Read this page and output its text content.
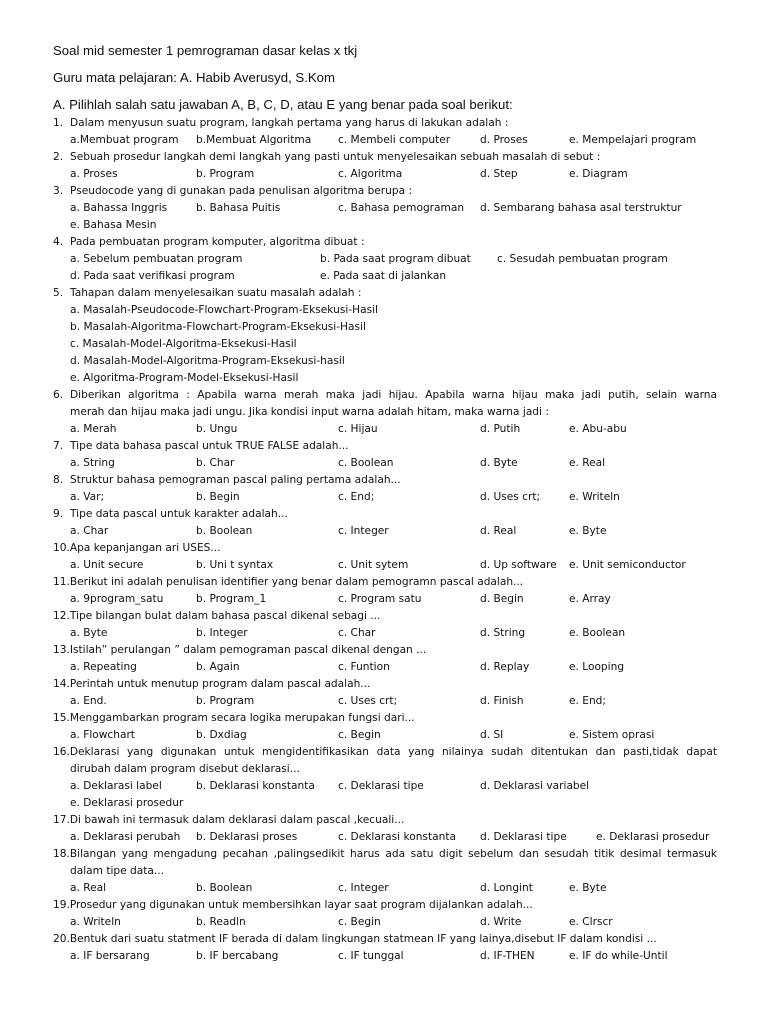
Soal mid semester 1 pemrograman dasar kelas x tkj
Guru mata pelajaran: A. Habib Averusyd, S.Kom
A. Pilihlah salah satu jawaban A, B, C, D, atau E yang benar pada soal berikut:
1. Dalam menyusun suatu program, langkah pertama yang harus di lakukan adalah :
a.Membuat program b.Membuat Algoritma	c. Membeli computer	d. Proses	e. Mempelajari program
2. Sebuah prosedur langkah demi langkah yang pasti untuk menyelesaikan sebuah masalah di sebut :
a. Proses	b. Program	c. Algoritma	d. Step	e. Diagram
3. Pseudocode yang di gunakan pada penulisan algoritma berupa :
a. Bahassa Inggris	b. Bahasa Puitis	c. Bahasa pemograman d. Sembarang bahasa asal terstruktur
e. Bahasa Mesin
4. Pada pembuatan program komputer, algoritma dibuat :
a. Sebelum pembuatan program	b. Pada saat program dibuat c. Sesudah pembuatan program
d. Pada saat verifikasi program	e. Pada saat di jalankan
5. Tahapan dalam menyelesaikan suatu masalah adalah :
a. Masalah-Pseudocode-Flowchart-Program-Eksekusi-Hasil
b. Masalah-Algoritma-Flowchart-Program-Eksekusi-Hasil
c. Masalah-Model-Algoritma-Eksekusi-Hasil
d. Masalah-Model-Algoritma-Program-Eksekusi-hasil
e. Algoritma-Program-Model-Eksekusi-Hasil
6. Diberikan algoritma : Apabila warna merah maka jadi hijau. Apabila warna hijau maka jadi putih, selain warna
merah dan hijau maka jadi ungu. Jika kondisi input warna adalah hitam, maka warna jadi :
a. Merah	b. Ungu	c. Hijau	d. Putih	e. Abu-abu
7. Tipe data bahasa pascal untuk TRUE FALSE adalah...
a. String	b. Char	c. Boolean	d. Byte	e. Real
8. Struktur bahasa pemograman pascal paling pertama adalah...
a. Var;	b. Begin	c. End;	d. Uses crt;	e. Writeln
9. Tipe data pascal untuk karakter adalah...
a. Char	b. Boolean	c. Integer	d. Real	e. Byte
10.Apa kepanjangan ari USES...
a. Unit secure	b. Uni t syntax	c. Unit sytem	d. Up software e. Unit semiconductor
11.Berikut ini adalah penulisan identifier yang benar dalam pemogramn pascal adalah...
a. 9program_satu	b. Program_1	c. Program satu	d. Begin	e. Array
12.Tipe bilangan bulat dalam bahasa pascal dikenal sebagi ...
a. Byte	b. Integer	c. Char	d. String	e. Boolean
13.Istilah” perulangan ” dalam pemograman pascal dikenal dengan ...
a. Repeating	b. Again	c. Funtion	d. Replay	e. Looping
14.Perintah untuk menutup program dalam pascal adalah...
a. End.	b. Program	c. Uses crt;	d. Finish	e. End;
15.Menggambarkan program secara logika merupakan fungsi dari...
a. Flowchart	b. Dxdiag	c. Begin	d. SI	e. Sistem oprasi
16.Deklarasi yang digunakan untuk mengidentifikasikan data yang nilainya sudah ditentukan dan pasti,tidak dapat
dirubah dalam program disebut deklarasi...
a. Deklarasi label	b. Deklarasi konstanta c. Deklarasi tipe	d. Deklarasi variabel
e. Deklarasi prosedur
17.Di bawah ini termasuk dalam deklarasi dalam pascal ,kecuali...
a. Deklarasi perubah b. Deklarasi proses	c. Deklarasi konstanta d. Deklarasi tipe	e. Deklarasi prosedur
18.Bilangan yang mengadung pecahan ,palingsedikit harus ada satu digit sebelum dan sesudah titik desimal termasuk
dalam tipe data...
a. Real	b. Boolean	c. Integer	d. Longint	e. Byte
19.Prosedur yang digunakan untuk membersihkan layar saat program dijalankan adalah...
a. Writeln	b. Readln	c. Begin	d. Write	e. Clrscr
20.Bentuk dari suatu statment IF berada di dalam lingkungan statmean IF yang lainya,disebut IF dalam kondisi ...
a. IF bersarang	b. IF bercabang	c. IF tunggal	d. IF-THEN	e. IF do while-Until
